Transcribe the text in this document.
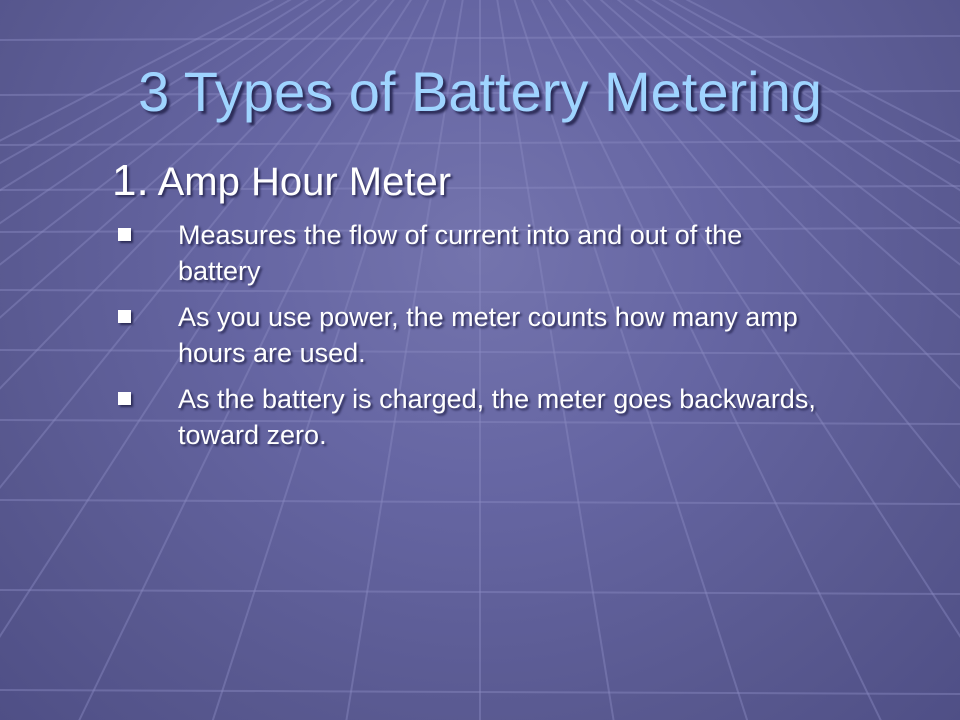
3 Types of Battery Metering
1. Amp Hour Meter
Measures the flow of current into and out of the battery
As you use power, the meter counts how many amp hours are used.
As the battery is charged, the meter goes backwards, toward zero.
